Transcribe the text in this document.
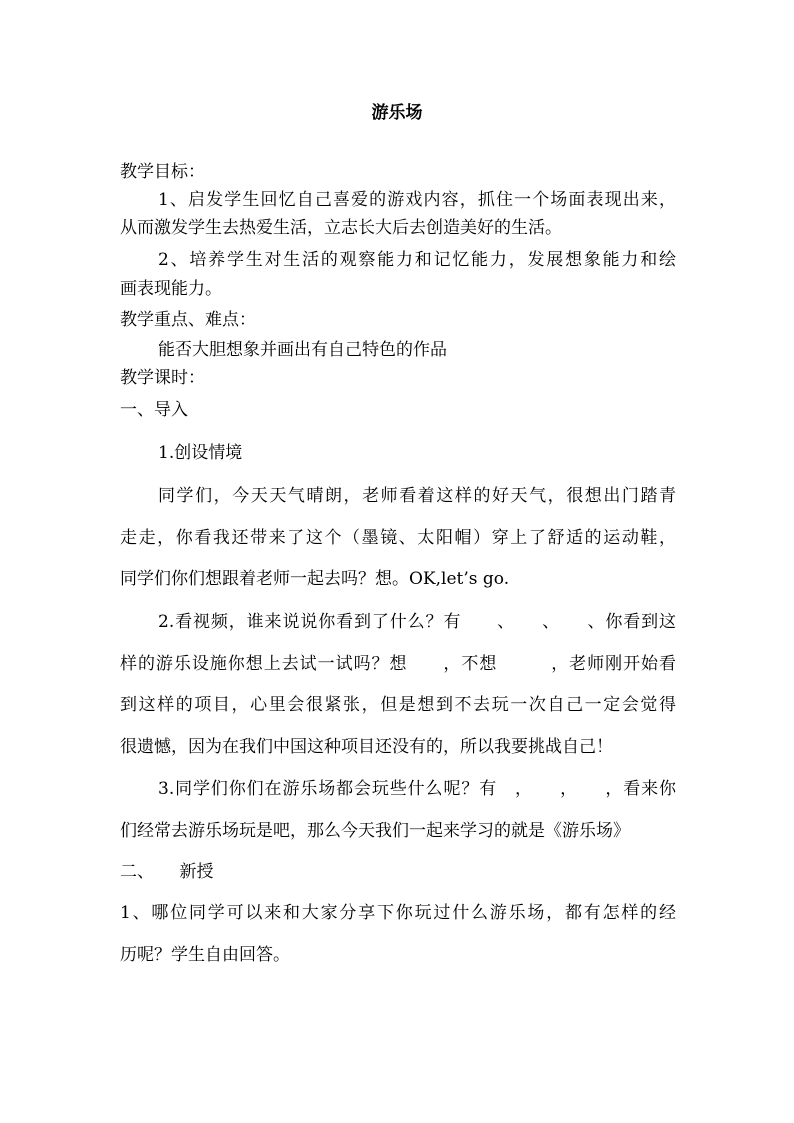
游乐场
教学目标：
1、启发学生回忆自己喜爱的游戏内容，抓住一个场面表现出来，
从而激发学生去热爱生活，立志长大后去创造美好的生活。
2、培养学生对生活的观察能力和记忆能力，发展想象能力和绘
画表现能力。
教学重点、难点：
能否大胆想象并画出有自己特色的作品
教学课时：
一、导入
1.创设情境
同学们，今天天气晴朗，老师看着这样的好天气，很想出门踏青
走走，你看我还带来了这个（墨镜、太阳帽）穿上了舒适的运动鞋，
同学们你们想跟着老师一起去吗？想。OK,let’s go.
2.看视频，谁来说说你看到了什么？有　　、　　、　　、你看到这
样的游乐设施你想上去试一试吗？想　　，不想　　　，老师刚开始看
到这样的项目，心里会很紧张，但是想到不去玩一次自己一定会觉得
很遗憾，因为在我们中国这种项目还没有的，所以我要挑战自己！
3.同学们你们在游乐场都会玩些什么呢？有　，　　，　　，看来你
们经常去游乐场玩是吧，那么今天我们一起来学习的就是《游乐场》
二、　　新授
1、哪位同学可以来和大家分享下你玩过什么游乐场，都有怎样的经
历呢？学生自由回答。
